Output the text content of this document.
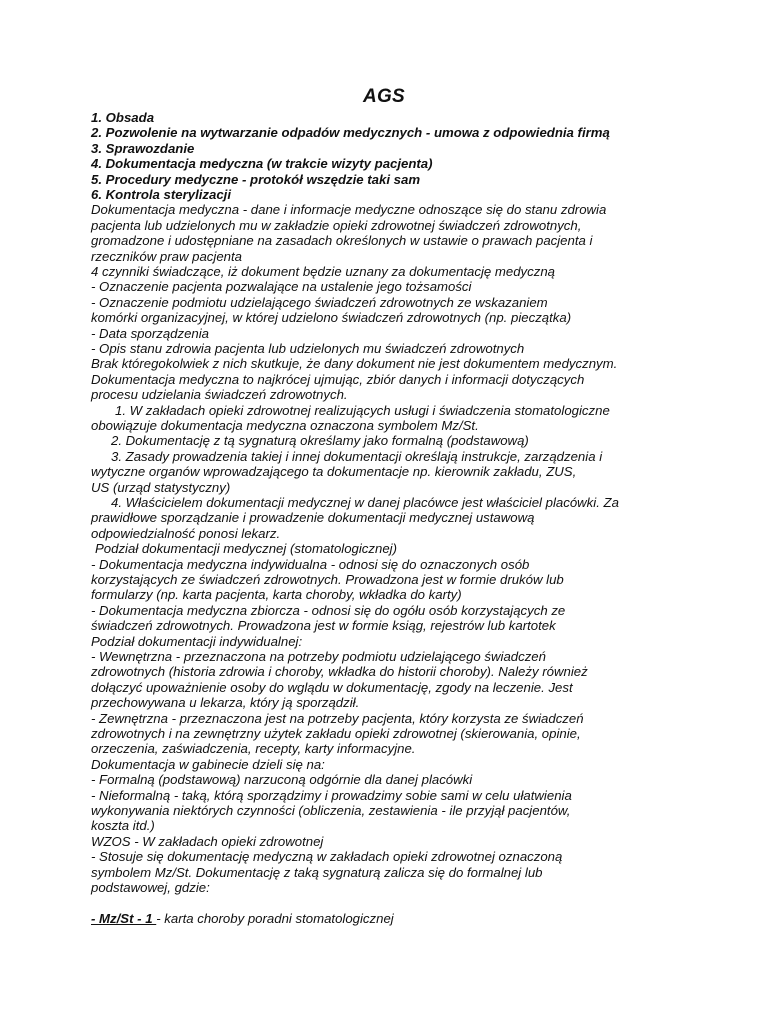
AGS
1. Obsada
2. Pozwolenie na wytwarzanie odpadów medycznych - umowa z odpowiednia firmą
3. Sprawozdanie
4. Dokumentacja medyczna (w trakcie wizyty pacjenta)
5. Procedury medyczne - protokół wszędzie taki sam
6. Kontrola sterylizacji
Dokumentacja medyczna - dane i informacje medyczne odnoszące się do stanu zdrowia
pacjenta lub udzielonych mu w zakładzie opieki zdrowotnej świadczeń zdrowotnych,
gromadzone i udostępniane na zasadach określonych w ustawie o prawach pacjenta i
rzeczników praw pacjenta
4 czynniki świadczące, iż dokument będzie uznany za dokumentację medyczną
- Oznaczenie pacjenta pozwalające na ustalenie jego tożsamości
- Oznaczenie podmiotu udzielającego świadczeń zdrowotnych ze wskazaniem
komórki organizacyjnej, w której udzielono świadczeń zdrowotnych (np. pieczątka)
- Data sporządzenia
- Opis stanu zdrowia pacjenta lub udzielonych mu świadczeń zdrowotnych
Brak któregokolwiek z nich skutkuje, że dany dokument nie jest dokumentem medycznym.
Dokumentacja medyczna to najkrócej ujmując, zbiór danych i informacji dotyczących
procesu udzielania świadczeń zdrowotnych.
1. W zakładach opieki zdrowotnej realizujących usługi i świadczenia stomatologiczne
obowiązuje dokumentacja medyczna oznaczona symbolem Mz/St.
2. Dokumentację z tą sygnaturą określamy jako formalną (podstawową)
3. Zasady prowadzenia takiej i innej dokumentacji określają instrukcje, zarządzenia i
wytyczne organów wprowadzającego ta dokumentacje np. kierownik zakładu, ZUS,
US (urząd statystyczny)
4. Właścicielem dokumentacji medycznej w danej placówce jest właściciel placówki. Za
prawidłowe sporządzanie i prowadzenie dokumentacji medycznej ustawową
odpowiedzialność ponosi lekarz.
Podział dokumentacji medycznej (stomatologicznej)
- Dokumentacja medyczna indywidualna - odnosi się do oznaczonych osób
korzystających ze świadczeń zdrowotnych. Prowadzona jest w formie druków lub
formularzy (np. karta pacjenta, karta choroby, wkładka do karty)
- Dokumentacja medyczna zbiorcza - odnosi się do ogółu osób korzystających ze
świadczeń zdrowotnych. Prowadzona jest w formie ksiąg, rejestrów lub kartotek
Podział dokumentacji indywidualnej:
- Wewnętrzna - przeznaczona na potrzeby podmiotu udzielającego świadczeń
zdrowotnych (historia zdrowia i choroby, wkładka do historii choroby). Należy również
dołączyć upoważnienie osoby do wglądu w dokumentację, zgody na leczenie. Jest
przechowywana u lekarza, który ją sporządził.
- Zewnętrzna - przeznaczona jest na potrzeby pacjenta, który korzysta ze świadczeń
zdrowotnych i na zewnętrzny użytek zakładu opieki zdrowotnej (skierowania, opinie,
orzeczenia, zaświadczenia, recepty, karty informacyjne.
Dokumentacja w gabinecie dzieli się na:
- Formalną (podstawową) narzuconą odgórnie dla danej placówki
- Nieformalną - taką, którą sporządzimy i prowadzimy sobie sami w celu ułatwienia
wykonywania niektórych czynności (obliczenia, zestawienia - ile przyjął pacjentów,
koszta itd.)
WZOS - W zakładach opieki zdrowotnej
- Stosuje się dokumentację medyczną w zakładach opieki zdrowotnej oznaczoną
symbolem Mz/St. Dokumentację z taką sygnaturą zalicza się do formalnej lub
podstawowej, gdzie:
- Mz/St - 1 - karta choroby poradni stomatologicznej
